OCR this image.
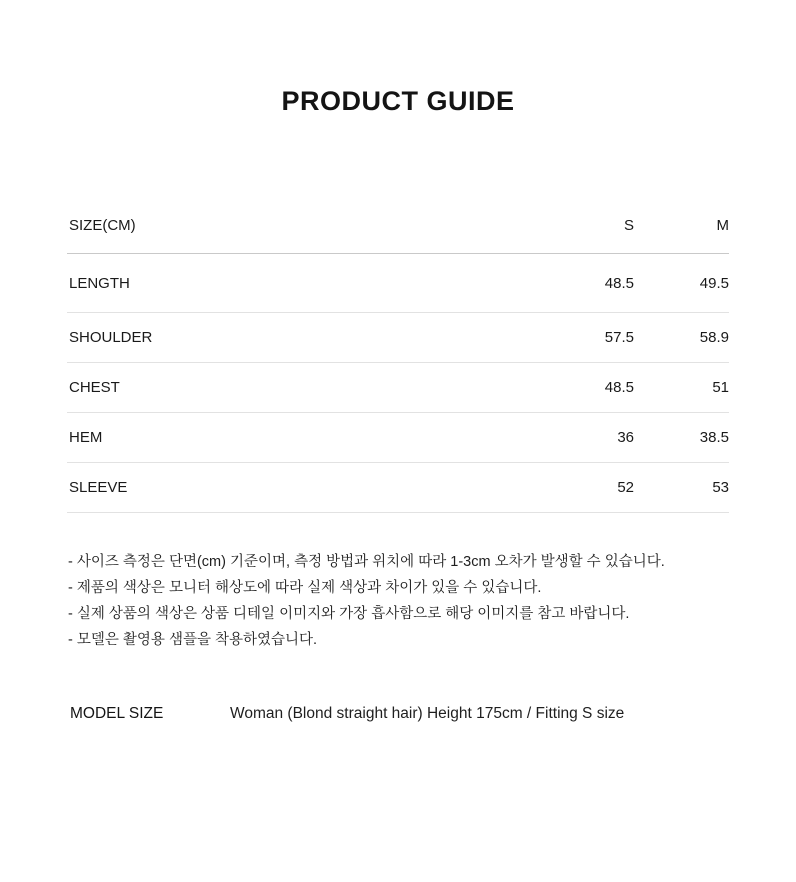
PRODUCT GUIDE
SIZE(CM)	S	M
LENGTH	48.5	49.5
SHOULDER	57.5	58.9
CHEST	48.5	51
HEM	36	38.5
SLEEVE	52	53
- 사이즈 측정은 단면(cm) 기준이며, 측정 방법과 위치에 따라 1-3cm 오차가 발생할 수 있습니다.
- 제품의 색상은 모니터 해상도에 따라 실제 색상과 차이가 있을 수 있습니다.
- 실제 상품의 색상은 상품 디테일 이미지와 가장 흡사함으로 해당 이미지를 참고 바랍니다.
- 모델은 촬영용 샘플을 착용하였습니다.
MODEL SIZE	Woman (Blond straight hair) Height 175cm / Fitting S size
